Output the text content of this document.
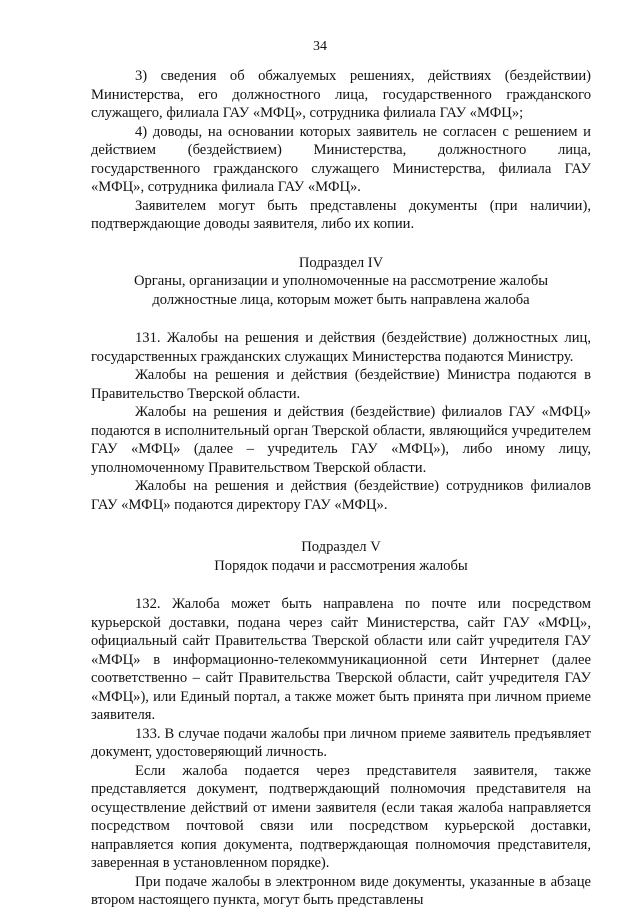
34

3) сведения об обжалуемых решениях, действиях (бездействии) Министерства, его должностного лица, государственного гражданского служащего, филиала ГАУ «МФЦ», сотрудника филиала ГАУ «МФЦ»;

4) доводы, на основании которых заявитель не согласен с решением и действием (бездействием) Министерства, должностного лица, государственного гражданского служащего Министерства, филиала ГАУ «МФЦ», сотрудника филиала ГАУ «МФЦ».

Заявителем могут быть представлены документы (при наличии), подтверждающие доводы заявителя, либо их копии.

Подраздел IV

Органы, организации и уполномоченные на рассмотрение жалобы должностные лица, которым может быть направлена жалоба

131. Жалобы на решения и действия (бездействие) должностных лиц, государственных гражданских служащих Министерства подаются Министру.

Жалобы на решения и действия (бездействие) Министра подаются в Правительство Тверской области.

Жалобы на решения и действия (бездействие) филиалов ГАУ «МФЦ» подаются в исполнительный орган Тверской области, являющийся учредителем ГАУ «МФЦ» (далее – учредитель ГАУ «МФЦ»), либо иному лицу, уполномоченному Правительством Тверской области.

Жалобы на решения и действия (бездействие) сотрудников филиалов ГАУ «МФЦ» подаются директору ГАУ «МФЦ».

Подраздел V

Порядок подачи и рассмотрения жалобы

132. Жалоба может быть направлена по почте или посредством курьерской доставки, подана через сайт Министерства, сайт ГАУ «МФЦ», официальный сайт Правительства Тверской области или сайт учредителя ГАУ «МФЦ» в информационно-телекоммуникационной сети Интернет (далее соответственно – сайт Правительства Тверской области, сайт учредителя ГАУ «МФЦ»), или Единый портал, а также может быть принята при личном приеме заявителя.

133. В случае подачи жалобы при личном приеме заявитель предъявляет документ, удостоверяющий личность.

Если жалоба подается через представителя заявителя, также представляется документ, подтверждающий полномочия представителя на осуществление действий от имени заявителя (если такая жалоба направляется посредством почтовой связи или посредством курьерской доставки, направляется копия документа, подтверждающая полномочия представителя, заверенная в установленном порядке).

При подаче жалобы в электронном виде документы, указанные в абзаце втором настоящего пункта, могут быть представлены
